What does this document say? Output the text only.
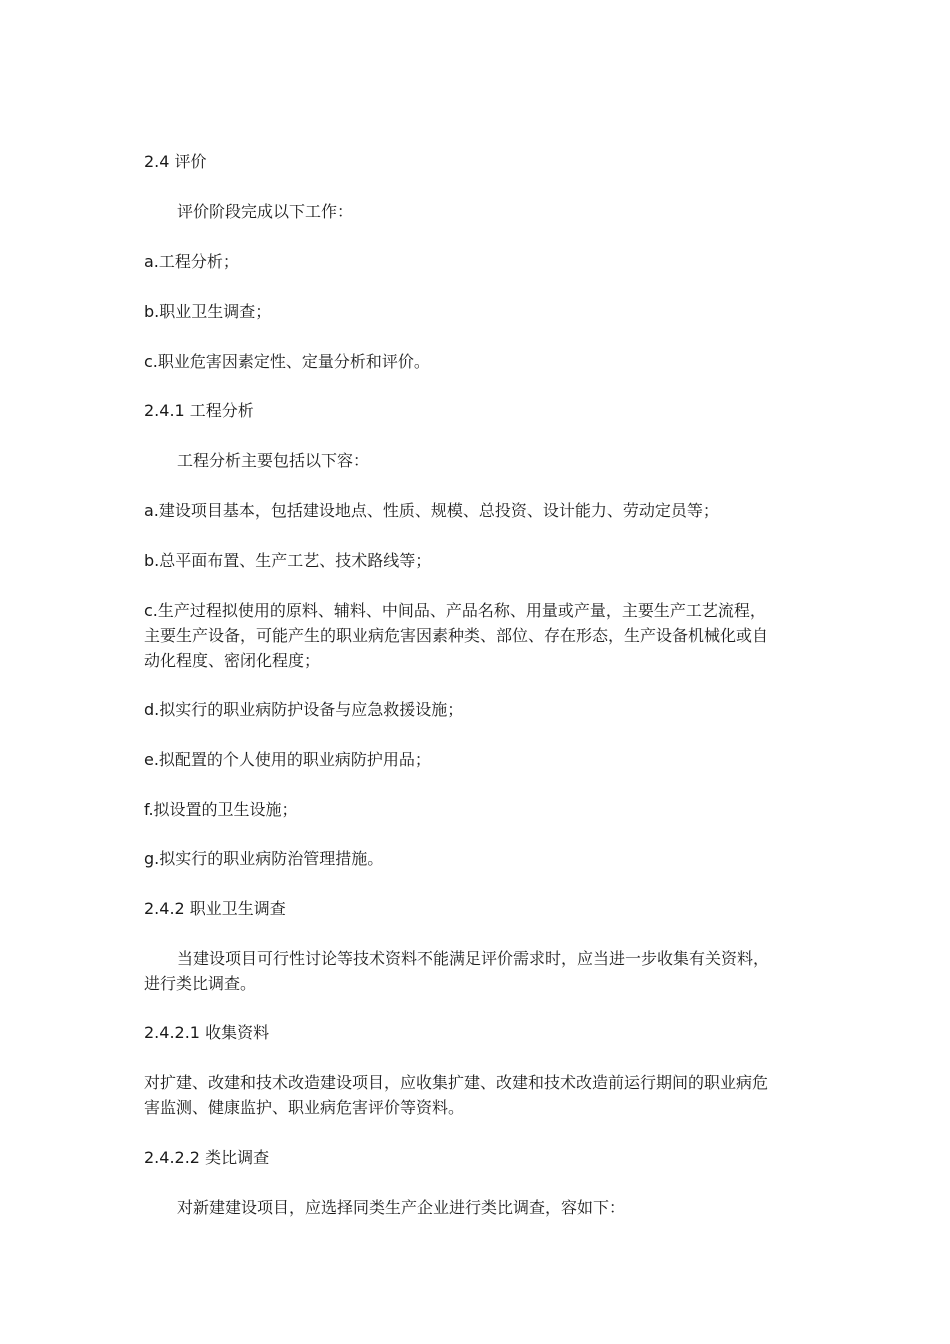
2.4 评价
评价阶段完成以下工作：
a.工程分析；
b.职业卫生调查；
c.职业危害因素定性、定量分析和评价。
2.4.1 工程分析
工程分析主要包括以下容：
a.建设项目基本，包括建设地点、性质、规模、总投资、设计能力、劳动定员等；
b.总平面布置、生产工艺、技术路线等；
c.生产过程拟使用的原料、辅料、中间品、产品名称、用量或产量，主要生产工艺流程，
主要生产设备，可能产生的职业病危害因素种类、部位、存在形态，生产设备机械化或自
动化程度、密闭化程度；
d.拟实行的职业病防护设备与应急救援设施；
e.拟配置的个人使用的职业病防护用品；
f.拟设置的卫生设施；
g.拟实行的职业病防治管理措施。
2.4.2 职业卫生调查
当建设项目可行性讨论等技术资料不能满足评价需求时，应当进一步收集有关资料，
进行类比调查。
2.4.2.1 收集资料
对扩建、改建和技术改造建设项目，应收集扩建、改建和技术改造前运行期间的职业病危
害监测、健康监护、职业病危害评价等资料。
2.4.2.2 类比调查
对新建建设项目，应选择同类生产企业进行类比调查，容如下：
